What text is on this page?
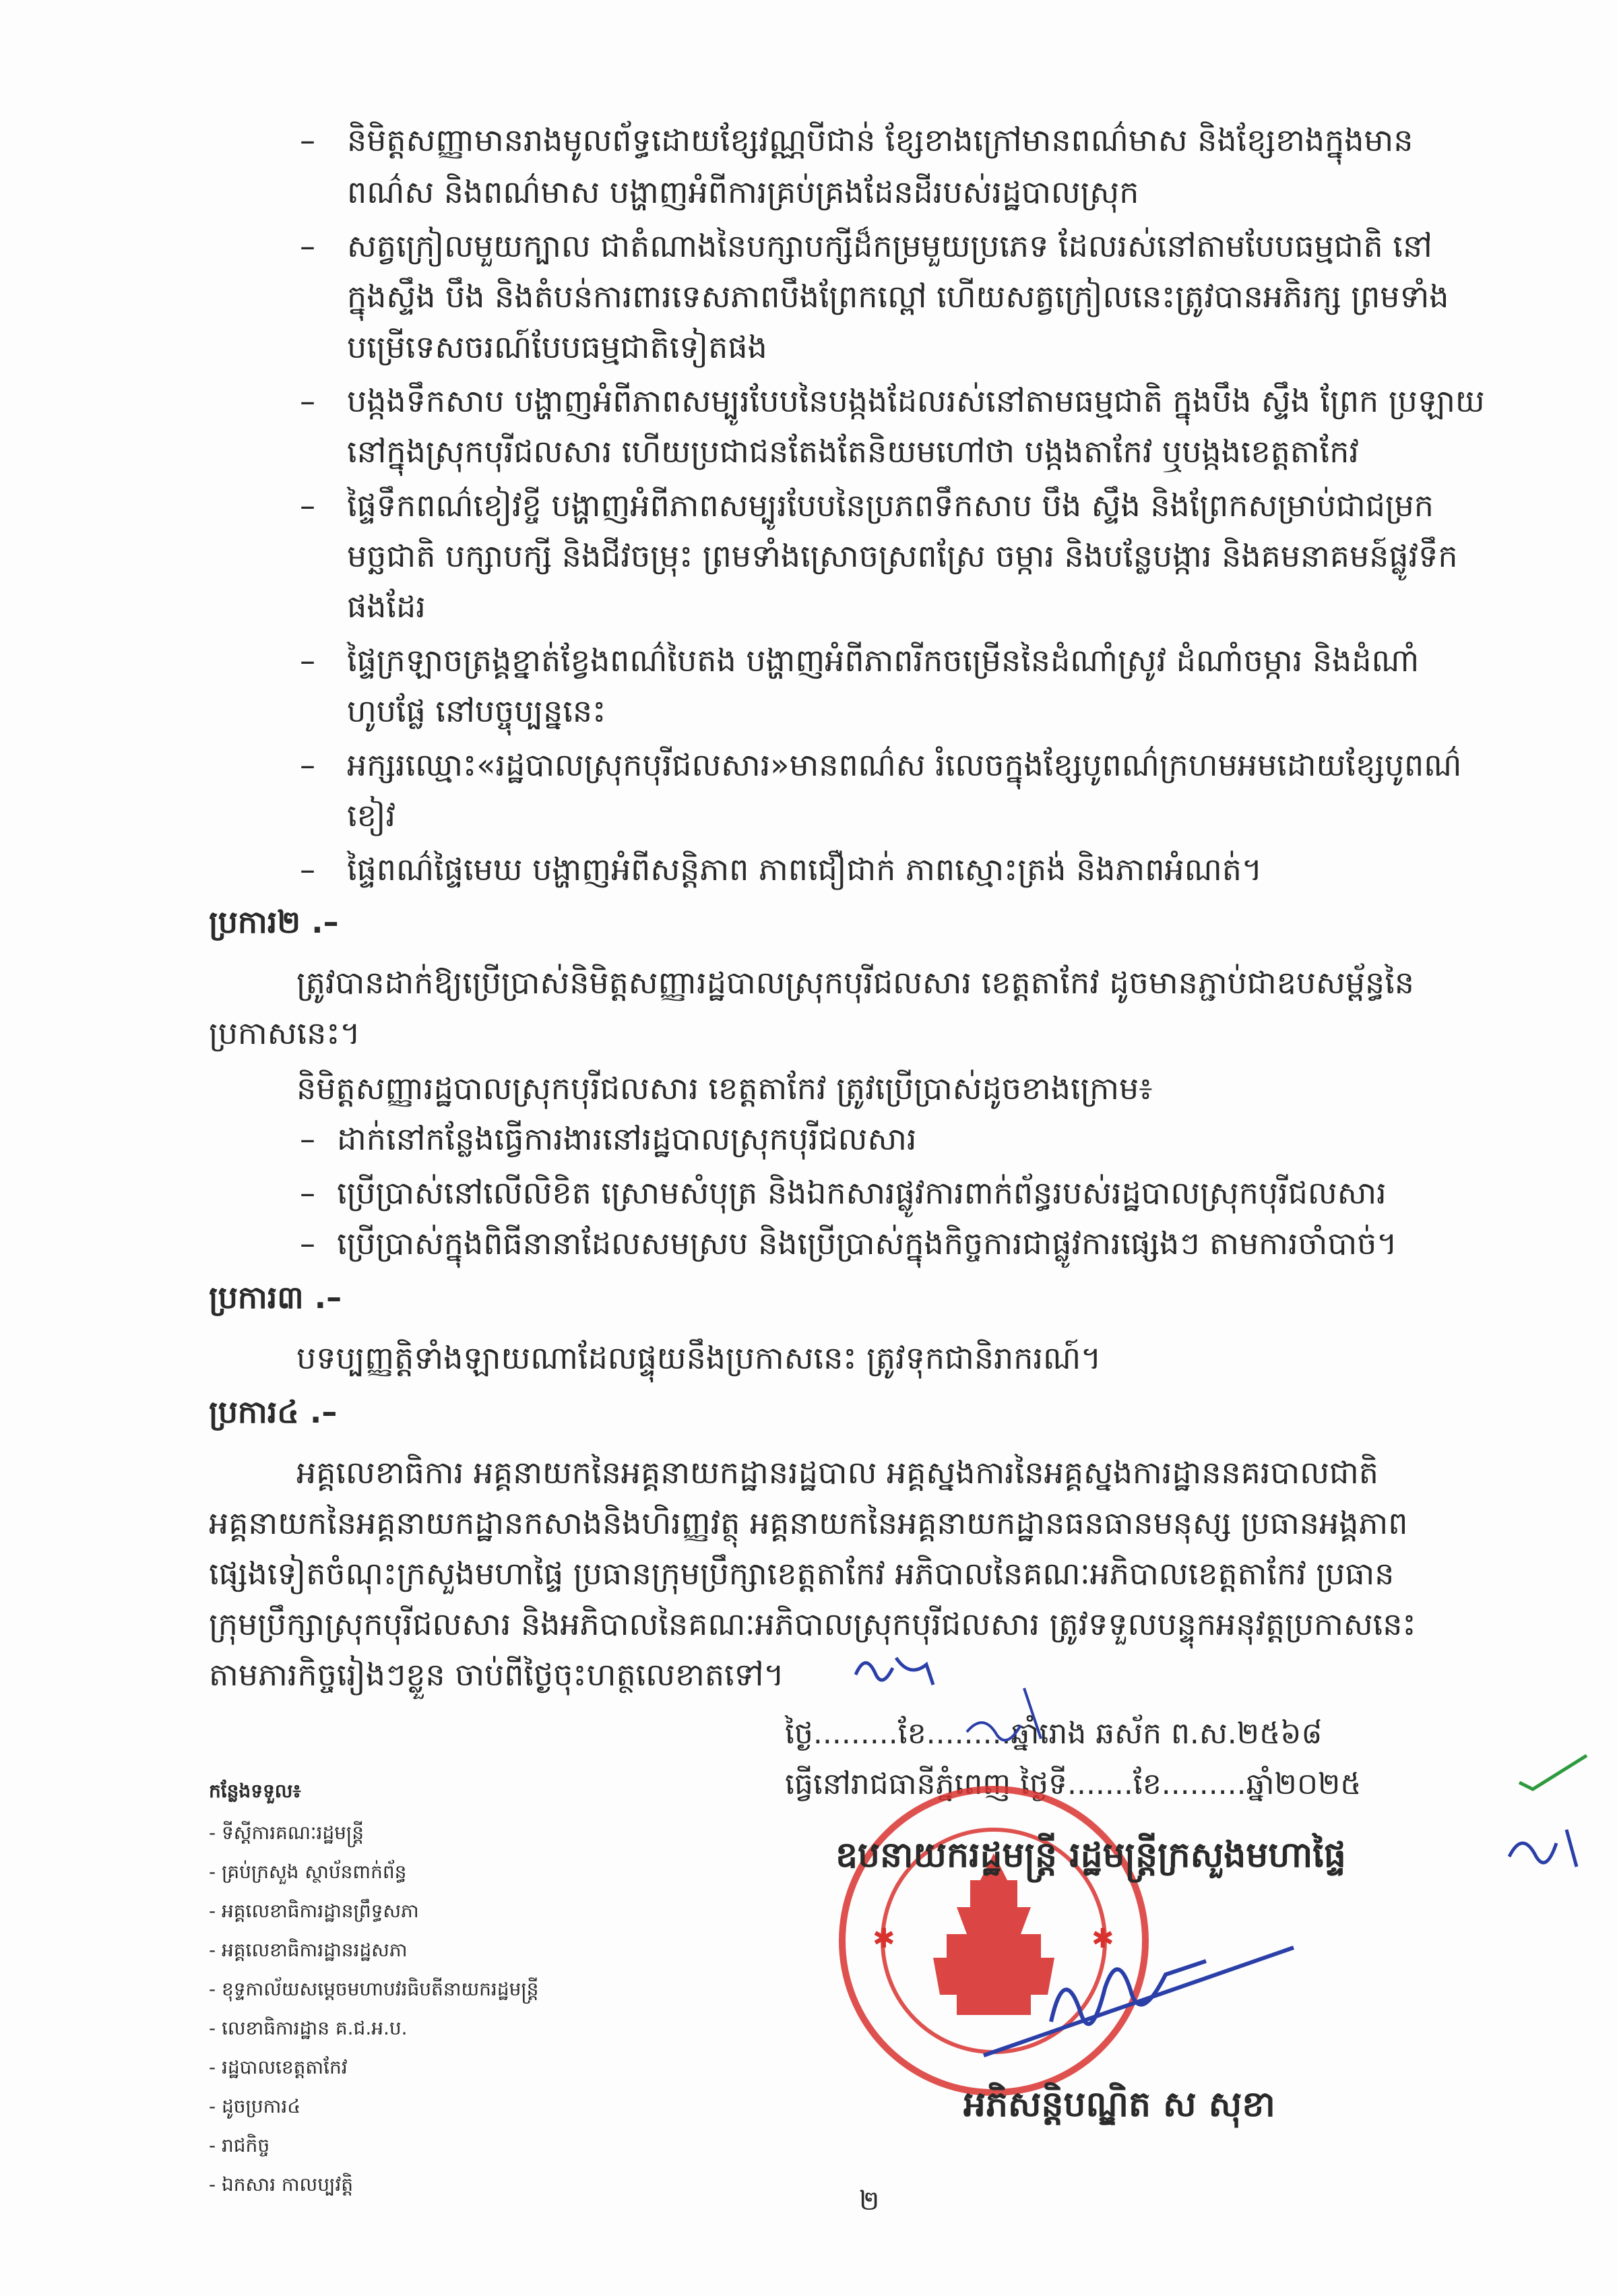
– និមិត្តសញ្ញាមានរាងមូលព័ទ្ធដោយខ្សែវណ្ណបីជាន់ ខ្សែខាងក្រៅមានពណ៌មាស និងខ្សែខាងក្នុងមាន
ពណ៌ស និងពណ៌មាស បង្ហាញអំពីការគ្រប់គ្រងដែនដីរបស់រដ្ឋបាលស្រុក
– សត្វក្រៀលមួយក្បាល ជាតំណាងនៃបក្សាបក្សីដ៏កម្រមួយប្រភេទ ដែលរស់នៅតាមបែបធម្មជាតិ នៅ
ក្នុងស្ទឹង បឹង និងតំបន់ការពារទេសភាពបឹងព្រែកល្ពៅ ហើយសត្វក្រៀលនេះត្រូវបានអភិរក្ស ព្រមទាំង
បម្រើទេសចរណ៍បែបធម្មជាតិទៀតផង
– បង្កងទឹកសាប បង្ហាញអំពីភាពសម្បូរបែបនៃបង្កងដែលរស់នៅតាមធម្មជាតិ ក្នុងបឹង ស្ទឹង ព្រែក ប្រឡាយ
នៅក្នុងស្រុកបុរីជលសារ ហើយប្រជាជនតែងតែនិយមហៅថា បង្កងតាកែវ ឬបង្កងខេត្តតាកែវ
– ផ្ទៃទឹកពណ៌ខៀវខ្ចី បង្ហាញអំពីភាពសម្បូរបែបនៃប្រភពទឹកសាប បឹង ស្ទឹង និងព្រែកសម្រាប់ជាជម្រក
មច្ឆជាតិ បក្សាបក្សី និងជីវចម្រុះ ព្រមទាំងស្រោចស្រពស្រែ ចម្ការ និងបន្លែបង្ការ និងគមនាគមន៍ផ្លូវទឹក
ផងដែរ
– ផ្ទៃក្រឡាចត្រង្គខ្នាត់ខ្វែងពណ៌បៃតង បង្ហាញអំពីភាពរីកចម្រើននៃដំណាំស្រូវ ដំណាំចម្ការ និងដំណាំ
ហូបផ្លែ នៅបច្ចុប្បន្ននេះ
– អក្សរឈ្មោះ«រដ្ឋបាលស្រុកបុរីជលសារ»មានពណ៌ស រំលេចក្នុងខ្សែបូពណ៌ក្រហមអមដោយខ្សែបូពណ៌
ខៀវ
– ផ្ទៃពណ៌ផ្ទៃមេឃ បង្ហាញអំពីសន្តិភាព ភាពជឿជាក់ ភាពស្មោះត្រង់ និងភាពអំណត់។
ប្រការ២ .–
ត្រូវបានដាក់ឱ្យប្រើប្រាស់និមិត្តសញ្ញារដ្ឋបាលស្រុកបុរីជលសារ ខេត្តតាកែវ ដូចមានភ្ជាប់ជាឧបសម្ព័ន្ធនៃ
ប្រកាសនេះ។
និមិត្តសញ្ញារដ្ឋបាលស្រុកបុរីជលសារ ខេត្តតាកែវ ត្រូវប្រើប្រាស់ដូចខាងក្រោម៖
– ដាក់នៅកន្លែងធ្វើការងារនៅរដ្ឋបាលស្រុកបុរីជលសារ
– ប្រើប្រាស់នៅលើលិខិត ស្រោមសំបុត្រ និងឯកសារផ្លូវការពាក់ព័ន្ធរបស់រដ្ឋបាលស្រុកបុរីជលសារ
– ប្រើប្រាស់ក្នុងពិធីនានាដែលសមស្រប និងប្រើប្រាស់ក្នុងកិច្ចការជាផ្លូវការផ្សេងៗ តាមការចាំបាច់។
ប្រការ៣ .–
បទប្បញ្ញត្តិទាំងឡាយណាដែលផ្ទុយនឹងប្រកាសនេះ ត្រូវទុកជានិរាករណ៍។
ប្រការ៤ .–
អគ្គលេខាធិការ អគ្គនាយកនៃអគ្គនាយកដ្ឋានរដ្ឋបាល អគ្គស្នងការនៃអគ្គស្នងការដ្ឋាននគរបាលជាតិ
អគ្គនាយកនៃអគ្គនាយកដ្ឋានកសាងនិងហិរញ្ញវត្ថុ អគ្គនាយកនៃអគ្គនាយកដ្ឋានធនធានមនុស្ស ប្រធានអង្គភាព
ផ្សេងទៀតចំណុះក្រសួងមហាផ្ទៃ ប្រធានក្រុមប្រឹក្សាខេត្តតាកែវ អភិបាលនៃគណៈអភិបាលខេត្តតាកែវ ប្រធាន
ក្រុមប្រឹក្សាស្រុកបុរីជលសារ និងអភិបាលនៃគណៈអភិបាលស្រុកបុរីជលសារ ត្រូវទទួលបន្ទុកអនុវត្តប្រកាសនេះ
តាមភារកិច្ចរៀងៗខ្លួន ចាប់ពីថ្ងៃចុះហត្ថលេខាតទៅ។
ថ្ងៃ.........ខែ.........ឆ្នាំរោង ឆស័ក ព.ស.២៥៦៨
ធ្វើនៅរាជធានីភ្នំពេញ ថ្ងៃទី.......ខែ.........ឆ្នាំ២០២៥
កន្លែងទទួល៖
- ទីស្តីការគណៈរដ្ឋមន្ត្រី
- គ្រប់ក្រសួង ស្ថាប័នពាក់ព័ន្ធ
- អគ្គលេខាធិការដ្ឋានព្រឹទ្ធសភា
- អគ្គលេខាធិការដ្ឋានរដ្ឋសភា
- ខុទ្ទកាល័យសម្តេចមហាបវរធិបតីនាយករដ្ឋមន្ត្រី
- លេខាធិការដ្ឋាន គ.ជ.អ.ប.
- រដ្ឋបាលខេត្តតាកែវ
- ដូចប្រការ៤
- រាជកិច្ច
- ឯកសារ កាលប្បវត្តិ
✱	✱
ឧបនាយករដ្ឋមន្ត្រី រដ្ឋមន្ត្រីក្រសួងមហាផ្ទៃ
អភិសន្តិបណ្ឌិត ស សុខា
២
